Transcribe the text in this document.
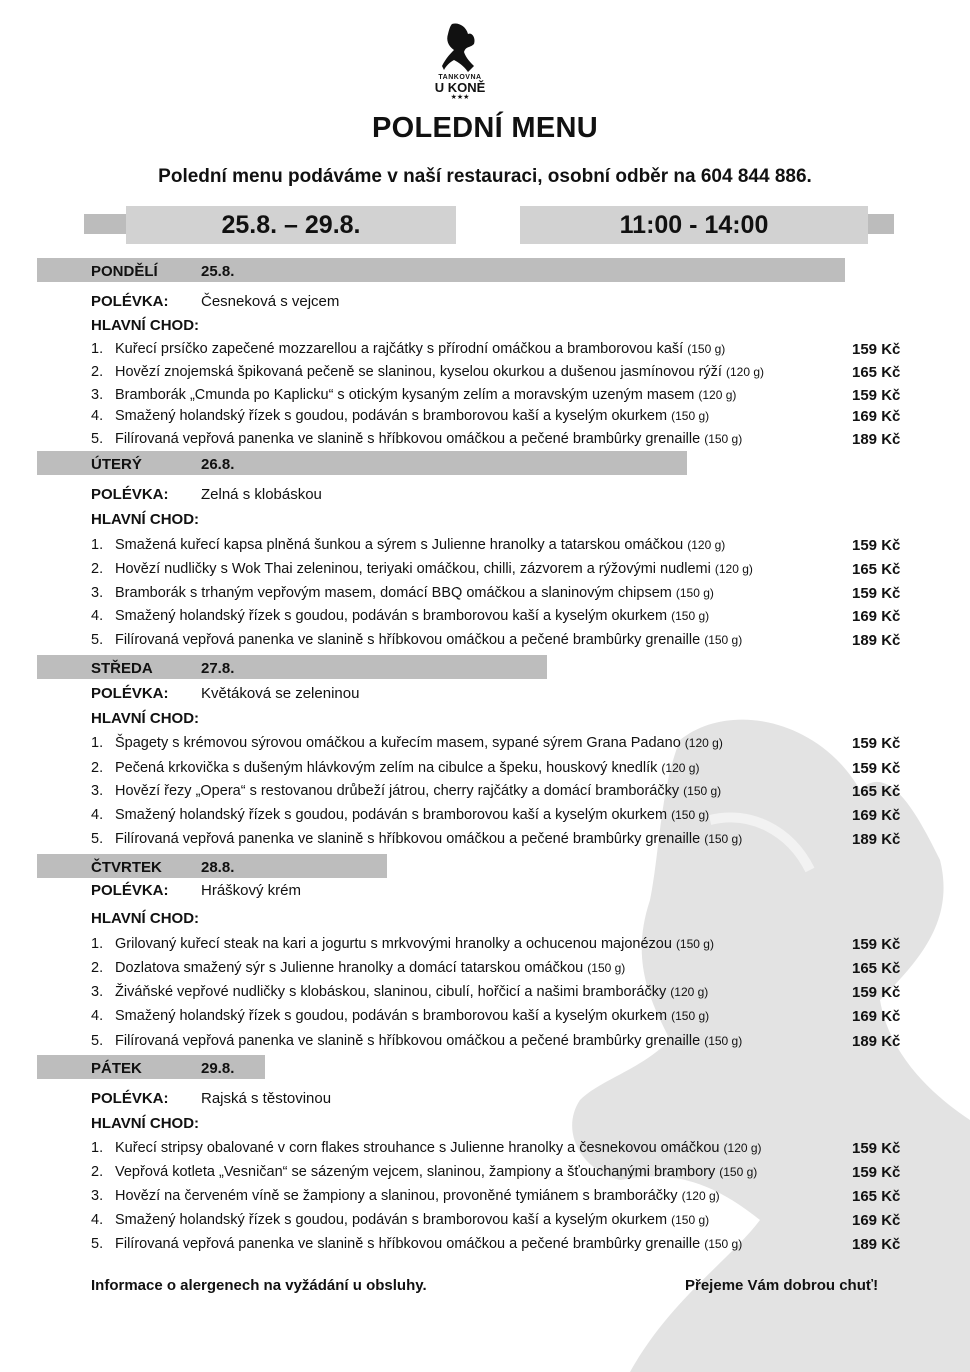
TANKOVNA
U KONĚ
★★★
POLEDNÍ MENU
Polední menu podáváme v naší restauraci, osobní odběr na 604 844 886.
25.8. – 29.8.	11:00 - 14:00
PONDĚLÍ	25.8.
POLÉVKA: Česneková s vejcem
HLAVNÍ CHOD:
1. Kuřecí prsíčko zapečené mozzarellou a rajčátky s přírodní omáčkou a bramborovou kaší (150 g)	159 Kč
2. Hovězí znojemská špikovaná pečeně se slaninou, kyselou okurkou a dušenou jasmínovou rýží (120 g)	165 Kč
3. Bramborák „Cmunda po Kaplicku“ s otickým kysaným zelím a moravským uzeným masem (120 g)	159 Kč
4. Smažený holandský řízek s goudou, podáván s bramborovou kaší a kyselým okurkem (150 g)	169 Kč
5. Filírovaná vepřová panenka ve slanině s hříbkovou omáčkou a pečené brambûrky grenaille (150 g)	189 Kč
ÚTERÝ	26.8.
POLÉVKA: Zelná s klobáskou
HLAVNÍ CHOD:
1. Smažená kuřecí kapsa plněná šunkou a sýrem s Julienne hranolky a tatarskou omáčkou (120 g)	159 Kč
2. Hovězí nudličky s Wok Thai zeleninou, teriyaki omáčkou, chilli, zázvorem a rýžovými nudlemi (120 g)	165 Kč
3. Bramborák s trhaným vepřovým masem, domácí BBQ omáčkou a slaninovým chipsem (150 g)	159 Kč
4. Smažený holandský řízek s goudou, podáván s bramborovou kaší a kyselým okurkem (150 g)	169 Kč
5. Filírovaná vepřová panenka ve slanině s hříbkovou omáčkou a pečené brambûrky grenaille (150 g)	189 Kč
STŘEDA	27.8.
POLÉVKA: Květáková se zeleninou
HLAVNÍ CHOD:
1. Špagety s krémovou sýrovou omáčkou a kuřecím masem, sypané sýrem Grana Padano (120 g)	159 Kč
2. Pečená krkovička s dušeným hlávkovým zelím na cibulce a špeku, houskový knedlík (120 g)	159 Kč
3. Hovězí řezy „Opera“ s restovanou drůbeží játrou, cherry rajčátky a domácí bramboráčky (150 g)	165 Kč
4. Smažený holandský řízek s goudou, podáván s bramborovou kaší a kyselým okurkem (150 g)	169 Kč
5. Filírovaná vepřová panenka ve slanině s hříbkovou omáčkou a pečené brambûrky grenaille (150 g)	189 Kč
ČTVRTEK	28.8.
POLÉVKA: Hráškový krém
HLAVNÍ CHOD:
1. Grilovaný kuřecí steak na kari a jogurtu s mrkvovými hranolky a ochucenou majonézou (150 g)	159 Kč
2. Dozlatova smažený sýr s Julienne hranolky a domácí tatarskou omáčkou (150 g)	165 Kč
3. Živáňské vepřové nudličky s klobáskou, slaninou, cibulí, hořčicí a našimi bramboráčky (120 g)	159 Kč
4. Smažený holandský řízek s goudou, podáván s bramborovou kaší a kyselým okurkem (150 g)	169 Kč
5. Filírovaná vepřová panenka ve slanině s hříbkovou omáčkou a pečené brambûrky grenaille (150 g)	189 Kč
PÁTEK	29.8.
POLÉVKA: Rajská s těstovinou
HLAVNÍ CHOD:
1. Kuřecí stripsy obalované v corn flakes strouhance s Julienne hranolky a česnekovou omáčkou (120 g)	159 Kč
2. Vepřová kotleta „Vesničan“ se sázeným vejcem, slaninou, žampiony a šťouchanými brambory (150 g)	159 Kč
3. Hovězí na červeném víně se žampiony a slaninou, provoněné tymiánem s bramboráčky (120 g)	165 Kč
4. Smažený holandský řízek s goudou, podáván s bramborovou kaší a kyselým okurkem (150 g)	169 Kč
5. Filírovaná vepřová panenka ve slanině s hříbkovou omáčkou a pečené brambûrky grenaille (150 g)	189 Kč
Informace o alergenech na vyžádání u obsluhy.	Přejeme Vám dobrou chuť!
